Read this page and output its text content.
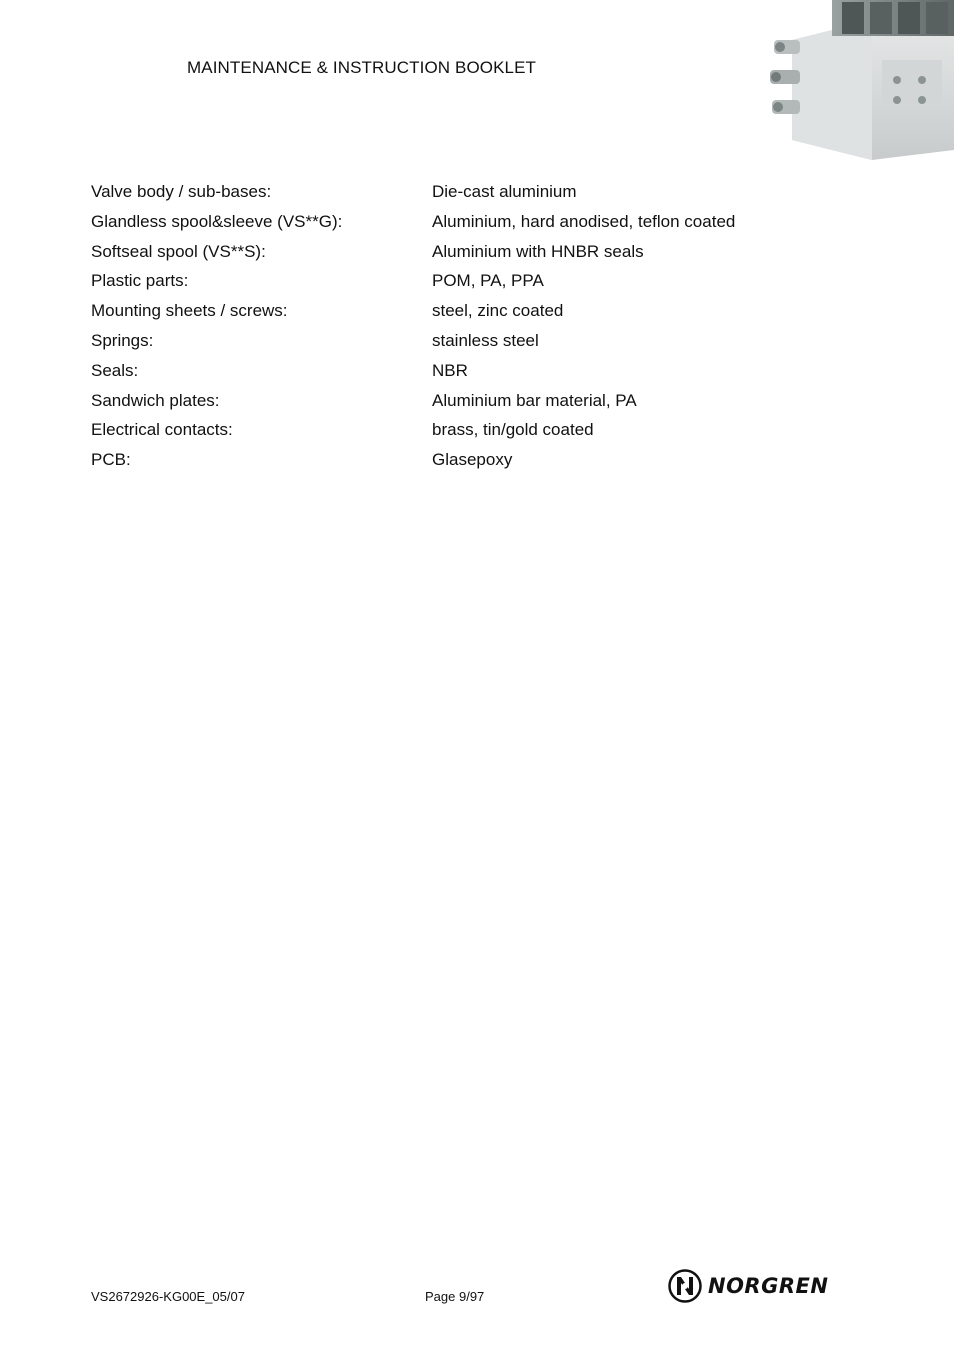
MAINTENANCE & INSTRUCTION BOOKLET
Valve body / sub-bases:	Die-cast aluminium
Glandless spool&sleeve (VS**G):	Aluminium, hard anodised, teflon coated
Softseal spool (VS**S):	Aluminium with HNBR seals
Plastic parts:	POM, PA, PPA
Mounting sheets / screws:	steel, zinc coated
Springs:	stainless steel
Seals:	NBR
Sandwich plates:	Aluminium bar material, PA
Electrical contacts:	brass, tin/gold coated
PCB:	Glasepoxy
VS2672926-KG00E_05/07	Page 9/97	NORGREN
